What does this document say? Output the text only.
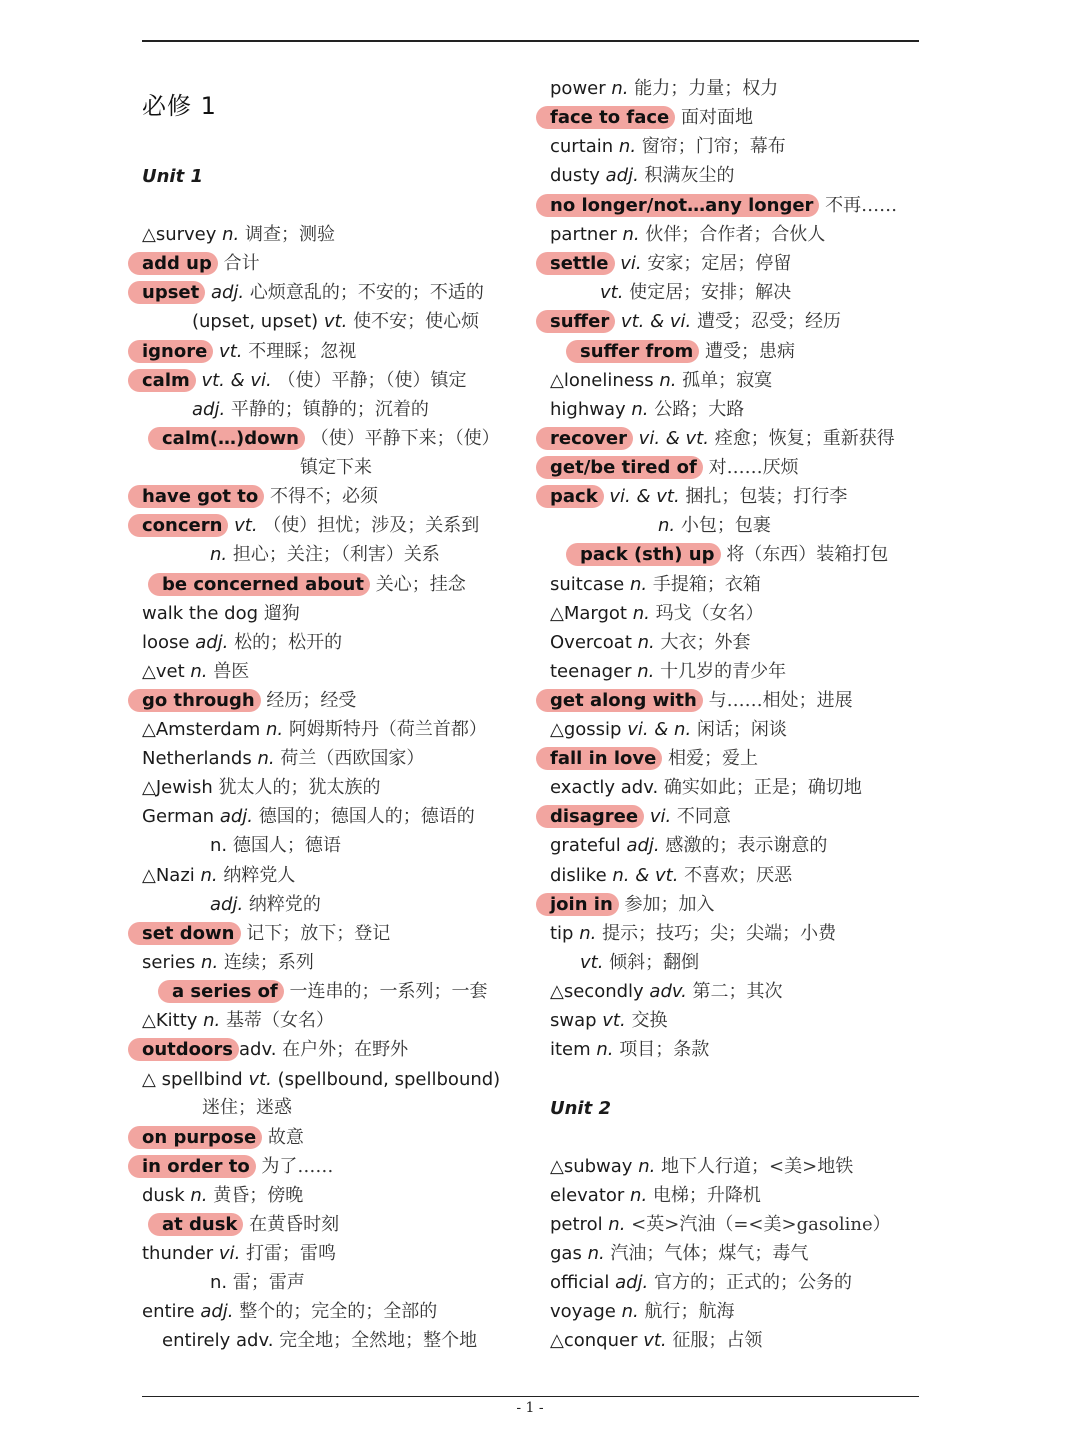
必修 1
Unit 1
△survey n. 调查；测验
add up 合计
upset adj. 心烦意乱的；不安的；不适的
(upset, upset) vt. 使不安；使心烦
ignore vt. 不理睬；忽视
calm vt. & vi. （使）平静；（使）镇定
adj. 平静的；镇静的；沉着的
calm(…)down （使）平静下来；（使）
镇定下来
have got to 不得不；必须
concern vt. （使）担忧；涉及；关系到
n. 担心；关注；（利害）关系
be concerned about 关心；挂念
walk the dog 遛狗
loose adj. 松的；松开的
△vet n. 兽医
go through 经历；经受
△Amsterdam n. 阿姆斯特丹（荷兰首都）
Netherlands n. 荷兰（西欧国家）
△Jewish 犹太人的；犹太族的
German adj. 德国的；德国人的；德语的
n. 德国人；德语
△Nazi n. 纳粹党人
adj. 纳粹党的
set down 记下；放下；登记
series n. 连续；系列
a series of 一连串的；一系列；一套
△Kitty n. 基蒂（女名）
outdoors adv. 在户外；在野外
△ spellbind vt. (spellbound, spellbound)
迷住；迷惑
on purpose 故意
in order to 为了……
dusk n. 黄昏；傍晚
at dusk 在黄昏时刻
thunder vi. 打雷；雷鸣
n. 雷；雷声
entire adj. 整个的；完全的；全部的
entirely adv. 完全地；全然地；整个地
power n. 能力；力量；权力
face to face 面对面地
curtain n. 窗帘；门帘；幕布
dusty adj. 积满灰尘的
no longer/not…any longer 不再……
partner n. 伙伴；合作者；合伙人
settle vi. 安家；定居；停留
vt. 使定居；安排；解决
suffer vt. & vi. 遭受；忍受；经历
suffer from 遭受；患病
△loneliness n. 孤单；寂寞
highway n. 公路；大路
recover vi. & vt. 痊愈；恢复；重新获得
get/be tired of 对……厌烦
pack vi. & vt. 捆扎；包装；打行李
n. 小包；包裹
pack (sth) up 将（东西）装箱打包
suitcase n. 手提箱；衣箱
△Margot n. 玛戈（女名）
Overcoat n. 大衣；外套
teenager n. 十几岁的青少年
get along with 与……相处；进展
△gossip vi. & n. 闲话；闲谈
fall in love 相爱；爱上
exactly adv. 确实如此；正是；确切地
disagree vi. 不同意
grateful adj. 感激的；表示谢意的
dislike n. & vt. 不喜欢；厌恶
join in 参加；加入
tip n. 提示；技巧；尖；尖端；小费
vt. 倾斜；翻倒
△secondly adv. 第二；其次
swap vt. 交换
item n. 项目；条款
Unit 2
△subway n. 地下人行道；<美>地铁
elevator n. 电梯；升降机
petrol n. <英>汽油（=<美>gasoline）
gas n. 汽油；气体；煤气；毒气
official adj. 官方的；正式的；公务的
voyage n. 航行；航海
△conquer vt. 征服；占领
- 1 -
